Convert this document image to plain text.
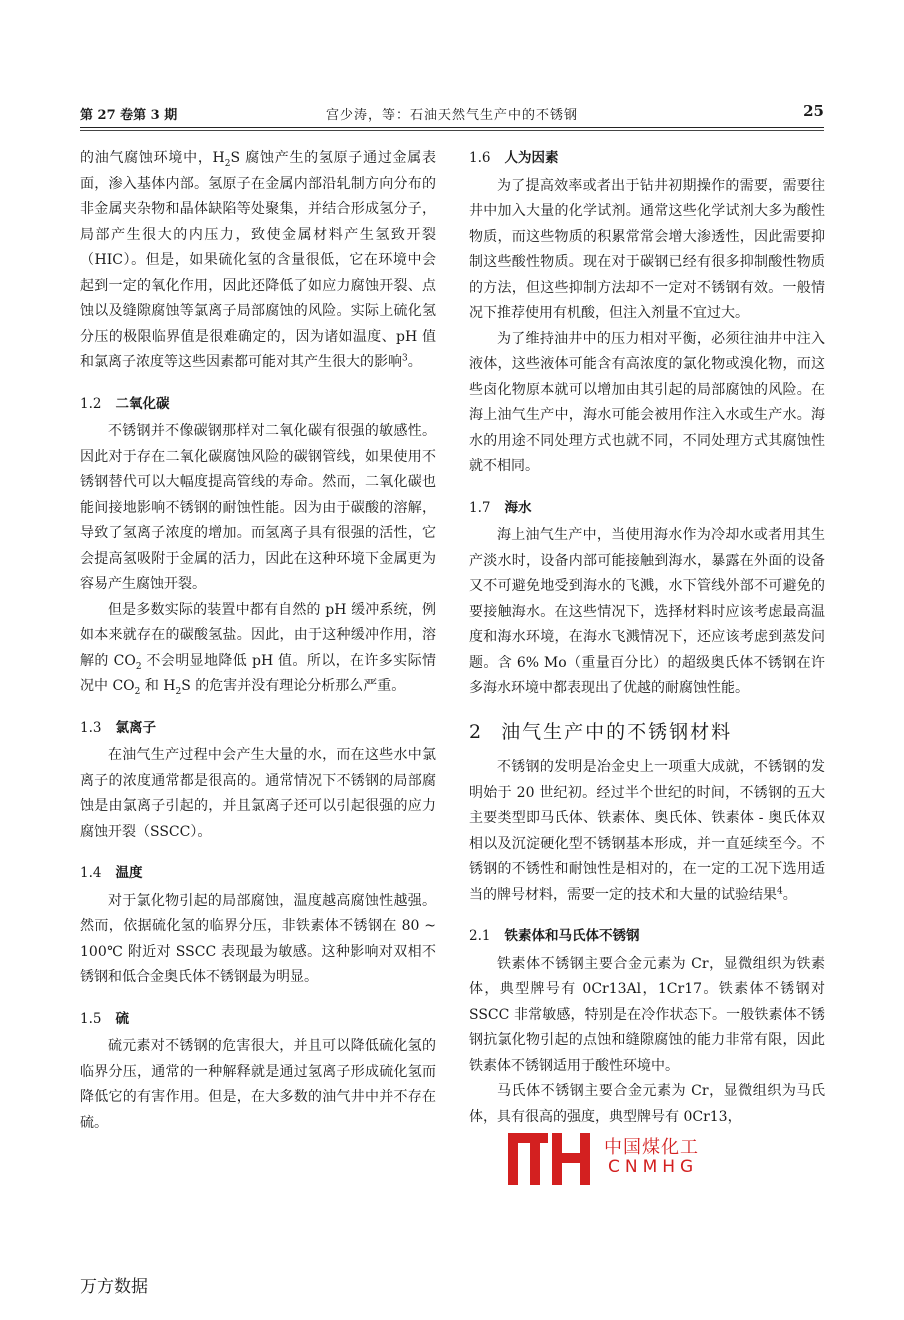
第 27 卷第 3 期	宫少涛，等：石油天然气生产中的不锈钢	25

的油气腐蚀环境中，$H_2S$ 腐蚀产生的氢原子通过金属表面，渗入基体内部。氢原子在金属内部沿轧制方向分布的非金属夹杂物和晶体缺陷等处聚集，并结合形成氢分子，局部产生很大的内压力，致使金属材料产生氢致开裂（HIC）。但是，如果硫化氢的含量很低，它在环境中会起到一定的氧化作用，因此还降低了如应力腐蚀开裂、点蚀以及缝隙腐蚀等氯离子局部腐蚀的风险。实际上硫化氢分压的极限临界值是很难确定的，因为诸如温度、pH 值和氯离子浓度等这些因素都可能对其产生很大的影响$^3$。

1.2 二氧化碳

不锈钢并不像碳钢那样对二氧化碳有很强的敏感性。因此对于存在二氧化碳腐蚀风险的碳钢管线，如果使用不锈钢替代可以大幅度提高管线的寿命。然而，二氧化碳也能间接地影响不锈钢的耐蚀性能。因为由于碳酸的溶解，导致了氢离子浓度的增加。而氢离子具有很强的活性，它会提高氢吸附于金属的活力，因此在这种环境下金属更为容易产生腐蚀开裂。

但是多数实际的装置中都有自然的 pH 缓冲系统，例如本来就存在的碳酸氢盐。因此，由于这种缓冲作用，溶解的 $CO_2$ 不会明显地降低 pH 值。所以，在许多实际情况中 $CO_2$ 和 $H_2S$ 的危害并没有理论分析那么严重。

1.3 氯离子

在油气生产过程中会产生大量的水，而在这些水中氯离子的浓度通常都是很高的。通常情况下不锈钢的局部腐蚀是由氯离子引起的，并且氯离子还可以引起很强的应力腐蚀开裂（SSCC）。

1.4 温度

对于氯化物引起的局部腐蚀，温度越高腐蚀性越强。然而，依据硫化氢的临界分压，非铁素体不锈钢在 80 ~ 100℃ 附近对 SSCC 表现最为敏感。这种影响对双相不锈钢和低合金奥氏体不锈钢最为明显。

1.5 硫

硫元素对不锈钢的危害很大，并且可以降低硫化氢的临界分压，通常的一种解释就是通过氢离子形成硫化氢而降低它的有害作用。但是，在大多数的油气井中并不存在硫。

1.6 人为因素

为了提高效率或者出于钻井初期操作的需要，需要往井中加入大量的化学试剂。通常这些化学试剂大多为酸性物质，而这些物质的积累常常会增大渗透性，因此需要抑制这些酸性物质。现在对于碳钢已经有很多抑制酸性物质的方法，但这些抑制方法却不一定对不锈钢有效。一般情况下推荐使用有机酸，但注入剂量不宜过大。

为了维持油井中的压力相对平衡，必须往油井中注入液体，这些液体可能含有高浓度的氯化物或溴化物，而这些卤化物原本就可以增加由其引起的局部腐蚀的风险。在海上油气生产中，海水可能会被用作注入水或生产水。海水的用途不同处理方式也就不同，不同处理方式其腐蚀性就不相同。

1.7 海水

海上油气生产中，当使用海水作为冷却水或者用其生产淡水时，设备内部可能接触到海水，暴露在外面的设备又不可避免地受到海水的飞溅，水下管线外部不可避免的要接触海水。在这些情况下，选择材料时应该考虑最高温度和海水环境，在海水飞溅情况下，还应该考虑到蒸发问题。含 6% Mo（重量百分比）的超级奥氏体不锈钢在许多海水环境中都表现出了优越的耐腐蚀性能。

2 油气生产中的不锈钢材料

不锈钢的发明是冶金史上一项重大成就，不锈钢的发明始于 20 世纪初。经过半个世纪的时间，不锈钢的五大主要类型即马氏体、铁素体、奥氏体、铁素体 - 奥氏体双相以及沉淀硬化型不锈钢基本形成，并一直延续至今。不锈钢的不锈性和耐蚀性是相对的，在一定的工况下选用适当的牌号材料，需要一定的技术和大量的试验结果$^4$。

2.1 铁素体和马氏体不锈钢

铁素体不锈钢主要合金元素为 Cr，显微组织为铁素体，典型牌号有 0Cr13Al，1Cr17。铁素体不锈钢对 SSCC 非常敏感，特别是在冷作状态下。一般铁素体不锈钢抗氯化物引起的点蚀和缝隙腐蚀的能力非常有限，因此铁素体不锈钢适用于酸性环境中。

马氏体不锈钢主要合金元素为 Cr，显微组织为马氏体，具有很高的强度，典型牌号有 0Cr13，

中国煤化工
CNMHG
万方数据
